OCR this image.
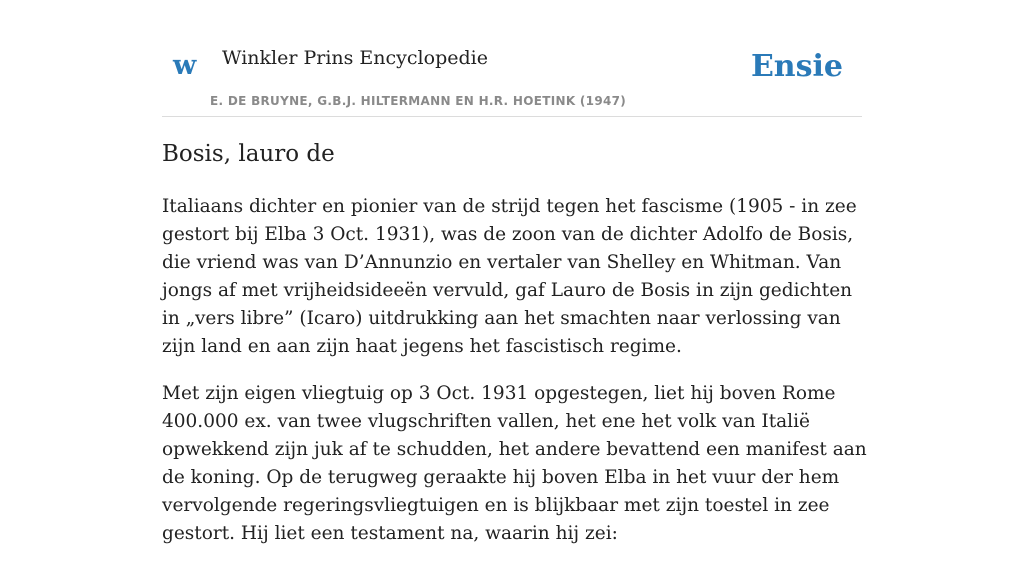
w Winkler Prins Encyclopedie
E. DE BRUYNE, G.B.J. HILTERMANN EN H.R. HOETINK (1947)
Ensie
Bosis, lauro de

Italiaans dichter en pionier van de strijd tegen het fascisme (1905 - in zee gestort bij Elba 3 Oct. 1931), was de zoon van de dichter Adolfo de Bosis, die vriend was van D’Annunzio en vertaler van Shelley en Whitman. Van jongs af met vrijheidsideeën vervuld, gaf Lauro de Bosis in zijn gedichten in „vers libre” (Icaro) uitdrukking aan het smachten naar verlossing van zijn land en aan zijn haat jegens het fascistisch regime.

Met zijn eigen vliegtuig op 3 Oct. 1931 opgestegen, liet hij boven Rome 400.000 ex. van twee vlugschriften vallen, het ene het volk van Italië opwekkend zijn juk af te schudden, het andere bevattend een manifest aan de koning. Op de terugweg geraakte hij boven Elba in het vuur der hem vervolgende regeringsvliegtuigen en is blijkbaar met zijn toestel in zee gestort. Hij liet een testament na, waarin hij zei:
